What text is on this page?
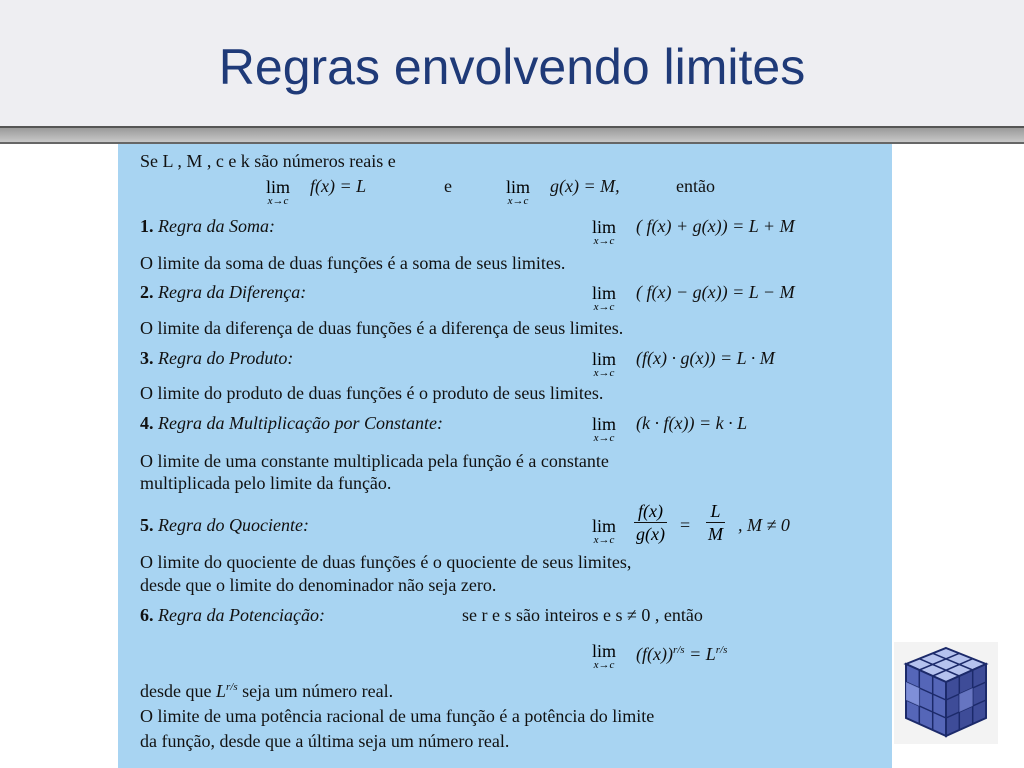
Regras envolvendo limites
Se L , M , c e k são números reais e
lim
x→c
f(x) = L	e	lim
x→c
g(x) = M,	então
1. Regra da Soma:	lim
x→c
( f(x) + g(x)) = L + M
O limite da soma de duas funções é a soma de seus limites.
2. Regra da Diferença:	lim
x→c
( f(x) − g(x)) = L − M
O limite da diferença de duas funções é a diferença de seus limites.
3. Regra do Produto:	lim
x→c
(f(x) · g(x)) = L · M
O limite do produto de duas funções é o produto de seus limites.
4. Regra da Multiplicação por Constante:	lim
x→c
(k · f(x)) = k · L
O limite de uma constante multiplicada pela função é a constante
multiplicada pelo limite da função.
5. Regra do Quociente:	lim
$x\to c \frac{f(x)}{g(x)} = \frac{L}{M}$ , M ≠ 0
O limite do quociente de duas funções é o quociente de seus limites,
desde que o limite do denominador não seja zero.
6. Regra da Potenciação:	se r e s são inteiros e s ≠ 0 , então
lim
x→c
$(f(x))^{r/s} = L^{r/s}$
desde que $L^{r/s}$ seja um número real.
O limite de uma potência racional de uma função é a potência do limite
da função, desde que a última seja um número real.
